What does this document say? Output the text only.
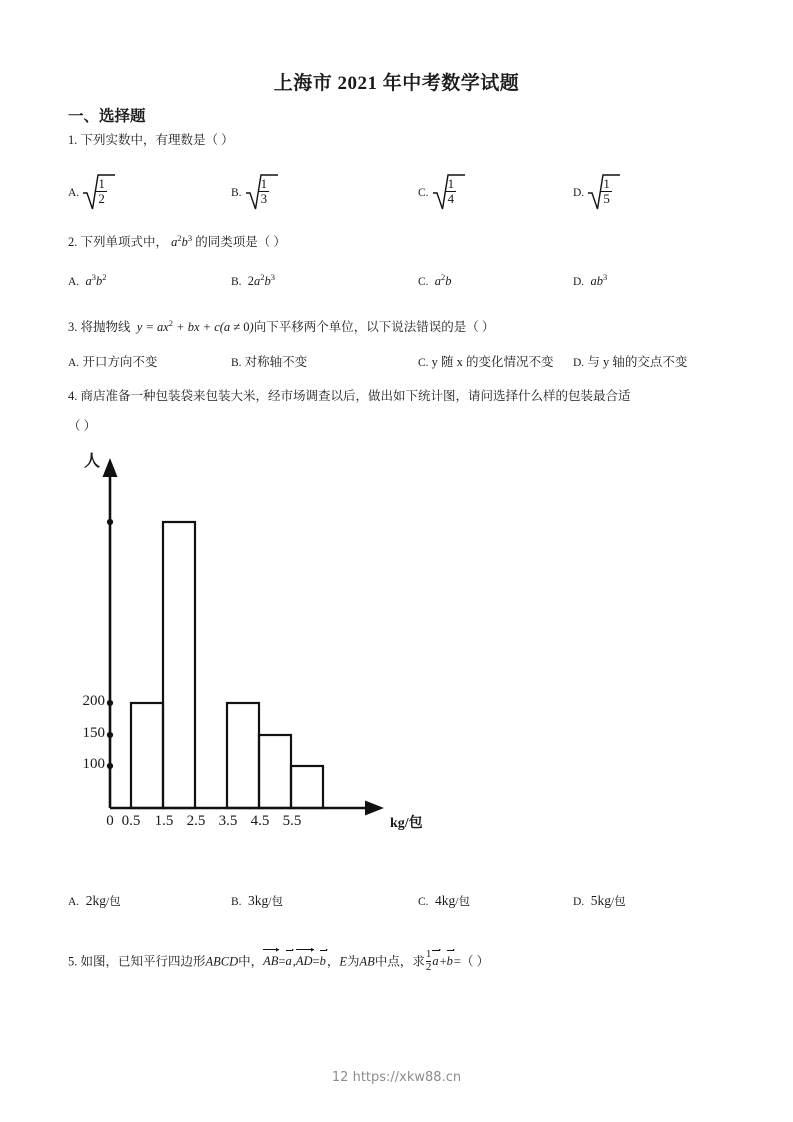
上海市 2021 年中考数学试题
一、选择题
1. 下列实数中，有理数是（ ）
A. $\frac{1}{2}$	B. $\frac{1}{3}$	C. $\frac{1}{4}$	D. $\frac{1}{5}$
2. 下列单项式中， $a^2b^3$ 的同类项是（ ）
A.  $a^3b^2$	B. $2a^2b^3$	C.  $a^2b$	D.  $ab^3$
3. 将抛物线  $y = ax^2$ + bx + c(a ≠ 0)向下平移两个单位，以下说法错误的是（ ）
A. 开口方向不变	B. 对称轴不变	C. y 随 x 的变化情况不变 D. 与 y 轴的交点不变
4. 商店准备一种包装袋来包装大米，经市场调查以后，做出如下统计图，请问选择什么样的包装最合适
（ ）
人
200
150
100
0 0.5 1.5 2.5 3.5 4.5 5.5	kg/包
A. 2kg/包	B. 3kg/包	C. 4kg/包	D. 5kg/包
5. 如图，已知平行四边形ABCD中，AB=a,AD=b，E为AB中点，求 $\frac{1}{2} a+b=$（ ）
12 https://xkw88.cn
